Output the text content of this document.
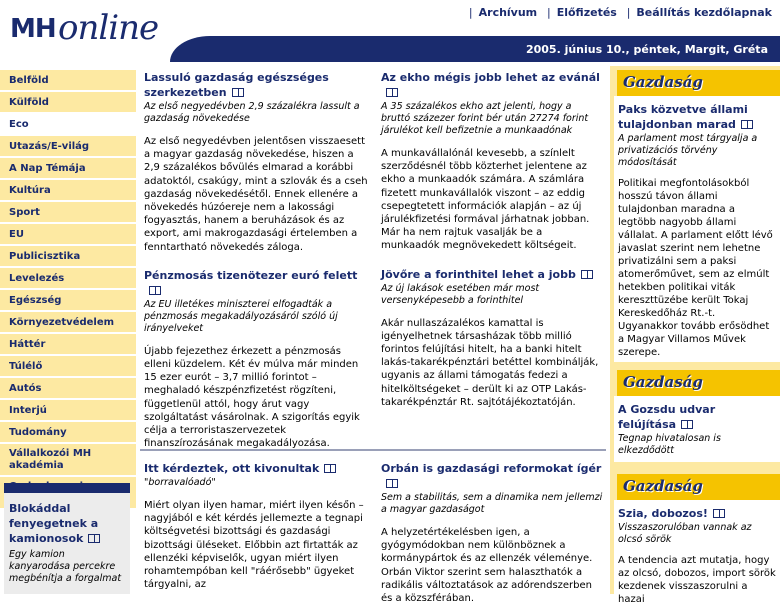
MH online	| Archívum | Előfizetés | Beállítás kezdőlapnak
2005. június 10., péntek, Margit, Gréta
Belföld
Külföld
Eco
Utazás/E-világ
A Nap Témája
Kultúra
Sport
EU
Publicisztika
Levelezés
Egészség
Környezetvédelem
Háttér
Túlélő
Autós
Interjú
Tudomány
Vállalkozói MH akadémia
Blokáddal fenyegetnek a kamionosok
Egy kamion kanyarodása percekre megbénítja a forgalmat
Lassuló gazdaság egészséges szerkezetben
Az első negyedévben 2,9 százalékra lassult a gazdaság növekedése
Az első negyedévben jelentősen visszaesett a magyar gazdaság növekedése, hiszen a 2,9 százalékos bővülés elmarad a korábbi adatoktól, csakúgy, mint a szlovák és a cseh gazdaság növekedésétől. Ennek ellenére a növekedés húzóereje nem a lakossági fogyasztás, hanem a beruházások és az export, ami makrogazdasági értelemben a fenntartható növekedés záloga.
Pénzmosás tizenötezer euró felett
Az EU illetékes miniszterei elfogadták a pénzmosás megakadályozásáról szóló új irányelveket
Újabb fejezethez érkezett a pénzmosás elleni küzdelem. Két év múlva már minden 15 ezer eurót – 3,7 millió forintot – meghaladó készpénzfizetést rögzíteni, függetlenül attól, hogy árut vagy szolgáltatást vásárolnak. A szigorítás egyik célja a terroristaszervezetek finanszírozásának megakadályozása.
Az ekho mégis jobb lehet az evánál
A 35 százalékos ekho azt jelenti, hogy a bruttó százezer forint bér után 27274 forint járulékot kell befizetnie a munkaadónak
A munkavállalónál kevesebb, a színlelt szerződésnél több közterhet jelentene az ekho a munkaadók számára. A számlára fizetett munkavállalók viszont – az eddig csepegtetett információk alapján – az új járulékfizetési formával járhatnak jobban. Már ha nem rajtuk vasalják be a munkaadók megnövekedett költségeit.
Jövőre a forinthitel lehet a jobb
Az új lakások esetében már most versenyképesebb a forinthitel
Akár nullaszázalékos kamattal is igényelhetnek társasházak több millió forintos felújítási hitelt, ha a banki hitelt lakás-takarékpénztári betéttel kombinálják, ugyanis az állami támogatás fedezi a hitelköltségeket – derült ki az OTP Lakás-takarékpénztár Rt. sajtótájékoztatóján.
Itt kérdeztek, ott kivonultak
"borravalóadó"
Miért olyan ilyen hamar, miért ilyen későn – nagyjából e két kérdés jellemezte a tegnapi költségvetési bizottsági és gazdasági bizottsági üléseket. Előbbin azt firtatták az ellenzéki képviselők, ugyan miért ilyen rohamtempóban kell "ráérősebb" ügyeket tárgyalni, az
Orbán is gazdasági reformokat ígér
Sem a stabilitás, sem a dinamika nem jellemzi a magyar gazdaságot
A helyzetértékelésben igen, a gyógymódokban nem különböznek a kormánypártok és az ellenzék véleménye. Orbán Viktor szerint sem halaszthatók a radikális változtatások az adórendszerben és a közszférában.
Gazdaság
Paks közvetve állami tulajdonban marad
A parlament most tárgyalja a privatizációs törvény módosítását
Politikai megfontolásokból hosszú távon állami tulajdonban maradna a legtöbb nagyobb állami vállalat. A parlament előtt lévő javaslat szerint nem lehetne privatizálni sem a paksi atomerőművet, sem az elmúlt hetekben politikai viták kereszttüzébe került Tokaj Kereskedőház Rt.-t. Ugyanakkor tovább erősödhet a Magyar Villamos Művek szerepe.
Gazdaság
A Gozsdu udvar felújítása
Tegnap hivatalosan is elkezdődött
Gazdaság
Szia, dobozos!
Visszaszorulóban vannak az olcsó sörök
A tendencia azt mutatja, hogy az olcsó, dobozos, import sörök kezdenek visszaszorulni a hazai
